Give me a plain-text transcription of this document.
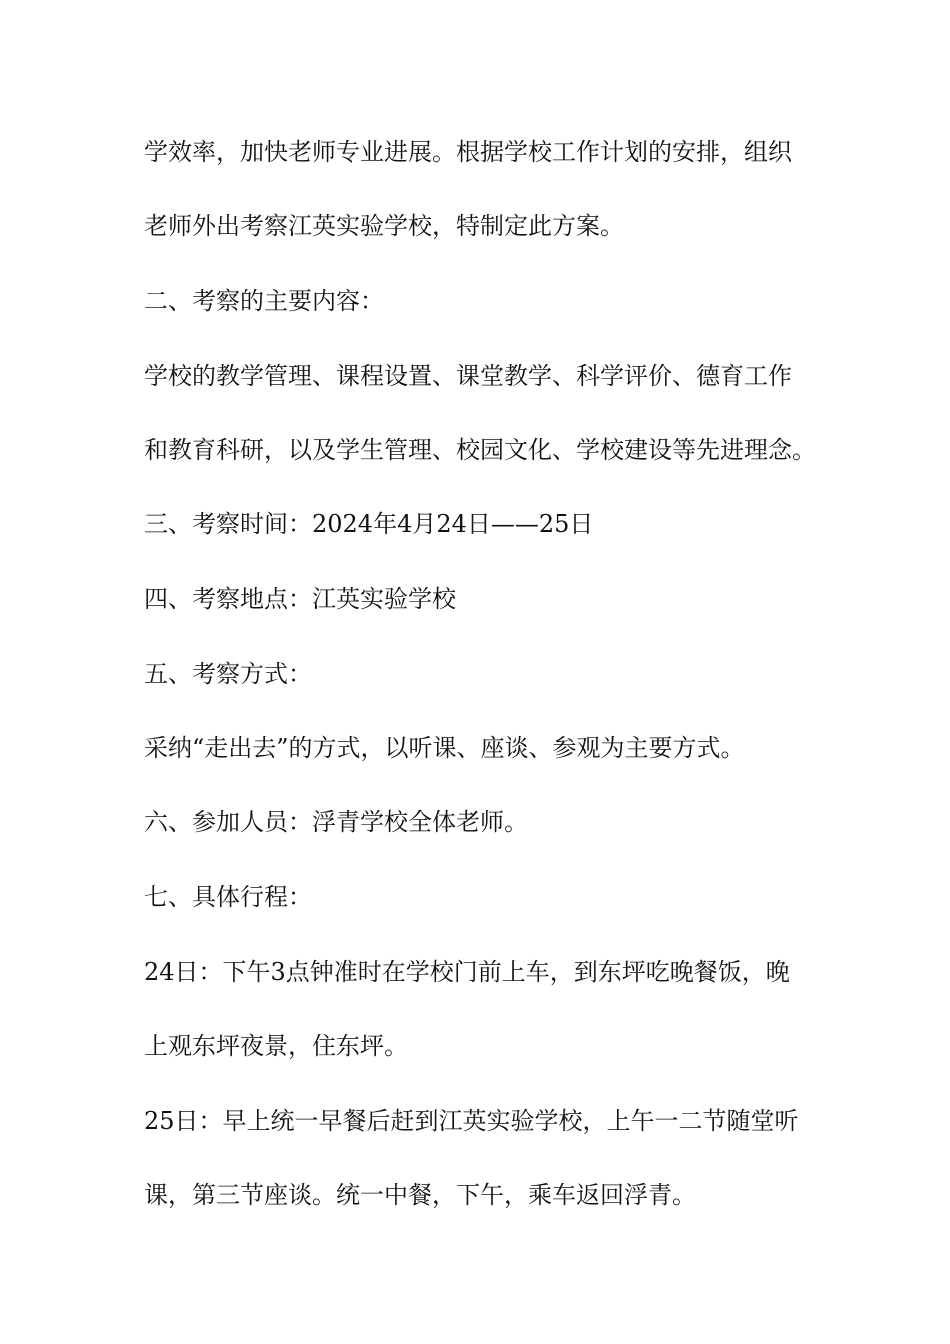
学效率，加快老师专业进展。根据学校工作计划的安排，组织
老师外出考察江英实验学校，特制定此方案。
二、考察的主要内容：
学校的教学管理、课程设置、课堂教学、科学评价、德育工作
和教育科研，以及学生管理、校园文化、学校建设等先进理念。
三、考察时间：2024年4月24日——25日
四、考察地点：江英实验学校
五、考察方式：
采纳“走出去”的方式，以听课、座谈、参观为主要方式。
六、参加人员：浮青学校全体老师。
七、具体行程：
24日：下午3点钟准时在学校门前上车，到东坪吃晚餐饭，晚
上观东坪夜景，住东坪。
25日：早上统一早餐后赶到江英实验学校，上午一二节随堂听
课，第三节座谈。统一中餐，下午，乘车返回浮青。
